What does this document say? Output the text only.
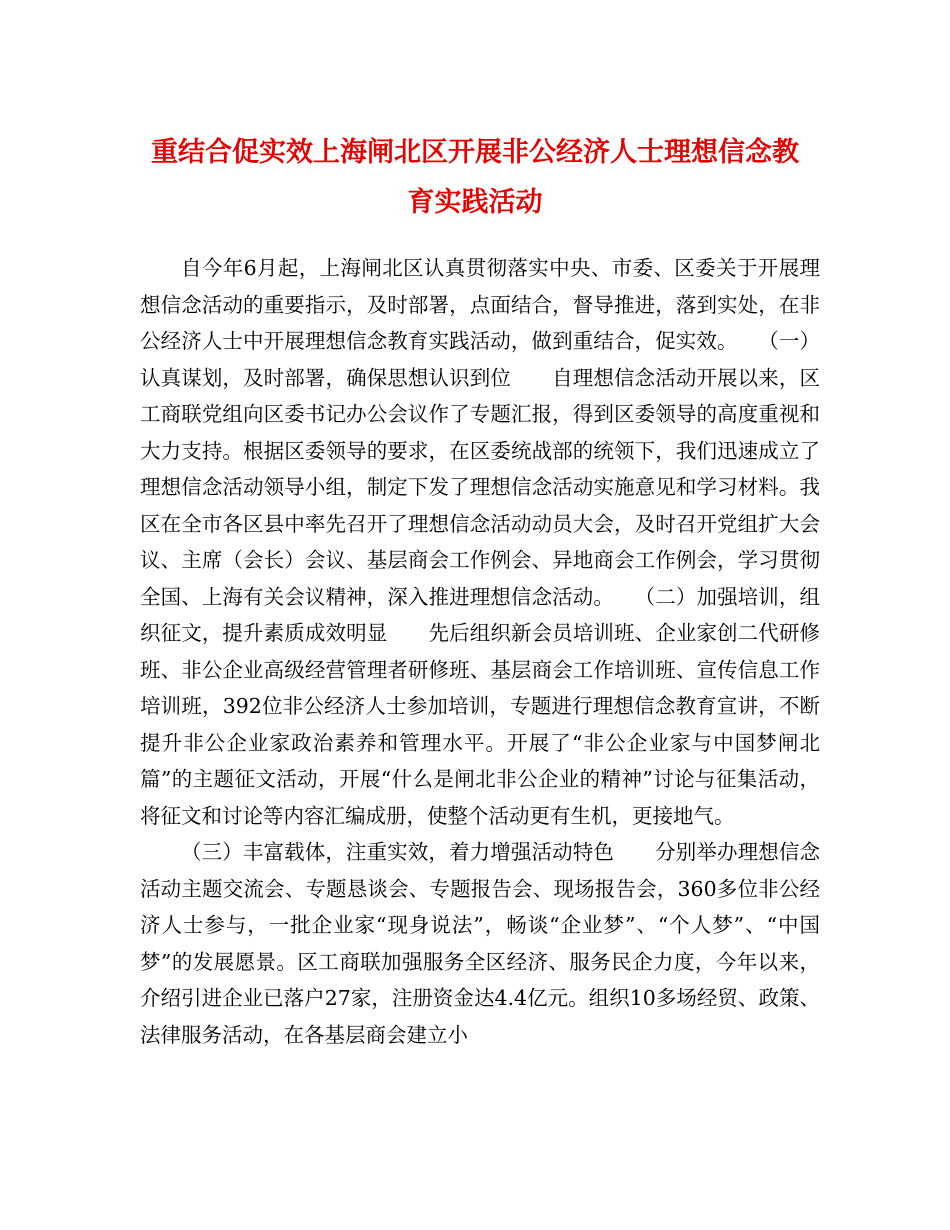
重结合促实效上海闸北区开展非公经济人士理想信念教
育实践活动

自今年6月起，上海闸北区认真贯彻落实中央、市委、区委关于开展理想信念活动的重要指示，及时部署，点面结合，督导推进，落到实处，在非公经济人士中开展理想信念教育实践活动，做到重结合，促实效。　　（一）认真谋划，及时部署，确保思想认识到位　　自理想信念活动开展以来，区工商联党组向区委书记办公会议作了专题汇报，得到区委领导的高度重视和大力支持。根据区委领导的要求，在区委统战部的统领下，我们迅速成立了理想信念活动领导小组，制定下发了理想信念活动实施意见和学习材料。我区在全市各区县中率先召开了理想信念活动动员大会，及时召开党组扩大会议、主席（会长）会议、基层商会工作例会、异地商会工作例会，学习贯彻全国、上海有关会议精神，深入推进理想信念活动。　　（二）加强培训，组织征文，提升素质成效明显　　先后组织新会员培训班、企业家创二代研修班、非公企业高级经营管理者研修班、基层商会工作培训班、宣传信息工作培训班，392位非公经济人士参加培训，专题进行理想信念教育宣讲，不断提升非公企业家政治素养和管理水平。开展了“非公企业家与中国梦闸北篇”的主题征文活动，开展“什么是闸北非公企业的精神”讨论与征集活动，将征文和讨论等内容汇编成册，使整个活动更有生机，更接地气。

（三）丰富载体，注重实效，着力增强活动特色　　分别举办理想信念活动主题交流会、专题恳谈会、专题报告会、现场报告会，360多位非公经济人士参与，一批企业家“现身说法”，畅谈“企业梦”、“个人梦”、“中国梦”的发展愿景。区工商联加强服务全区经济、服务民企力度，今年以来，介绍引进企业已落户27家，注册资金达4.4亿元。组织10多场经贸、政策、法律服务活动，在各基层商会建立小
